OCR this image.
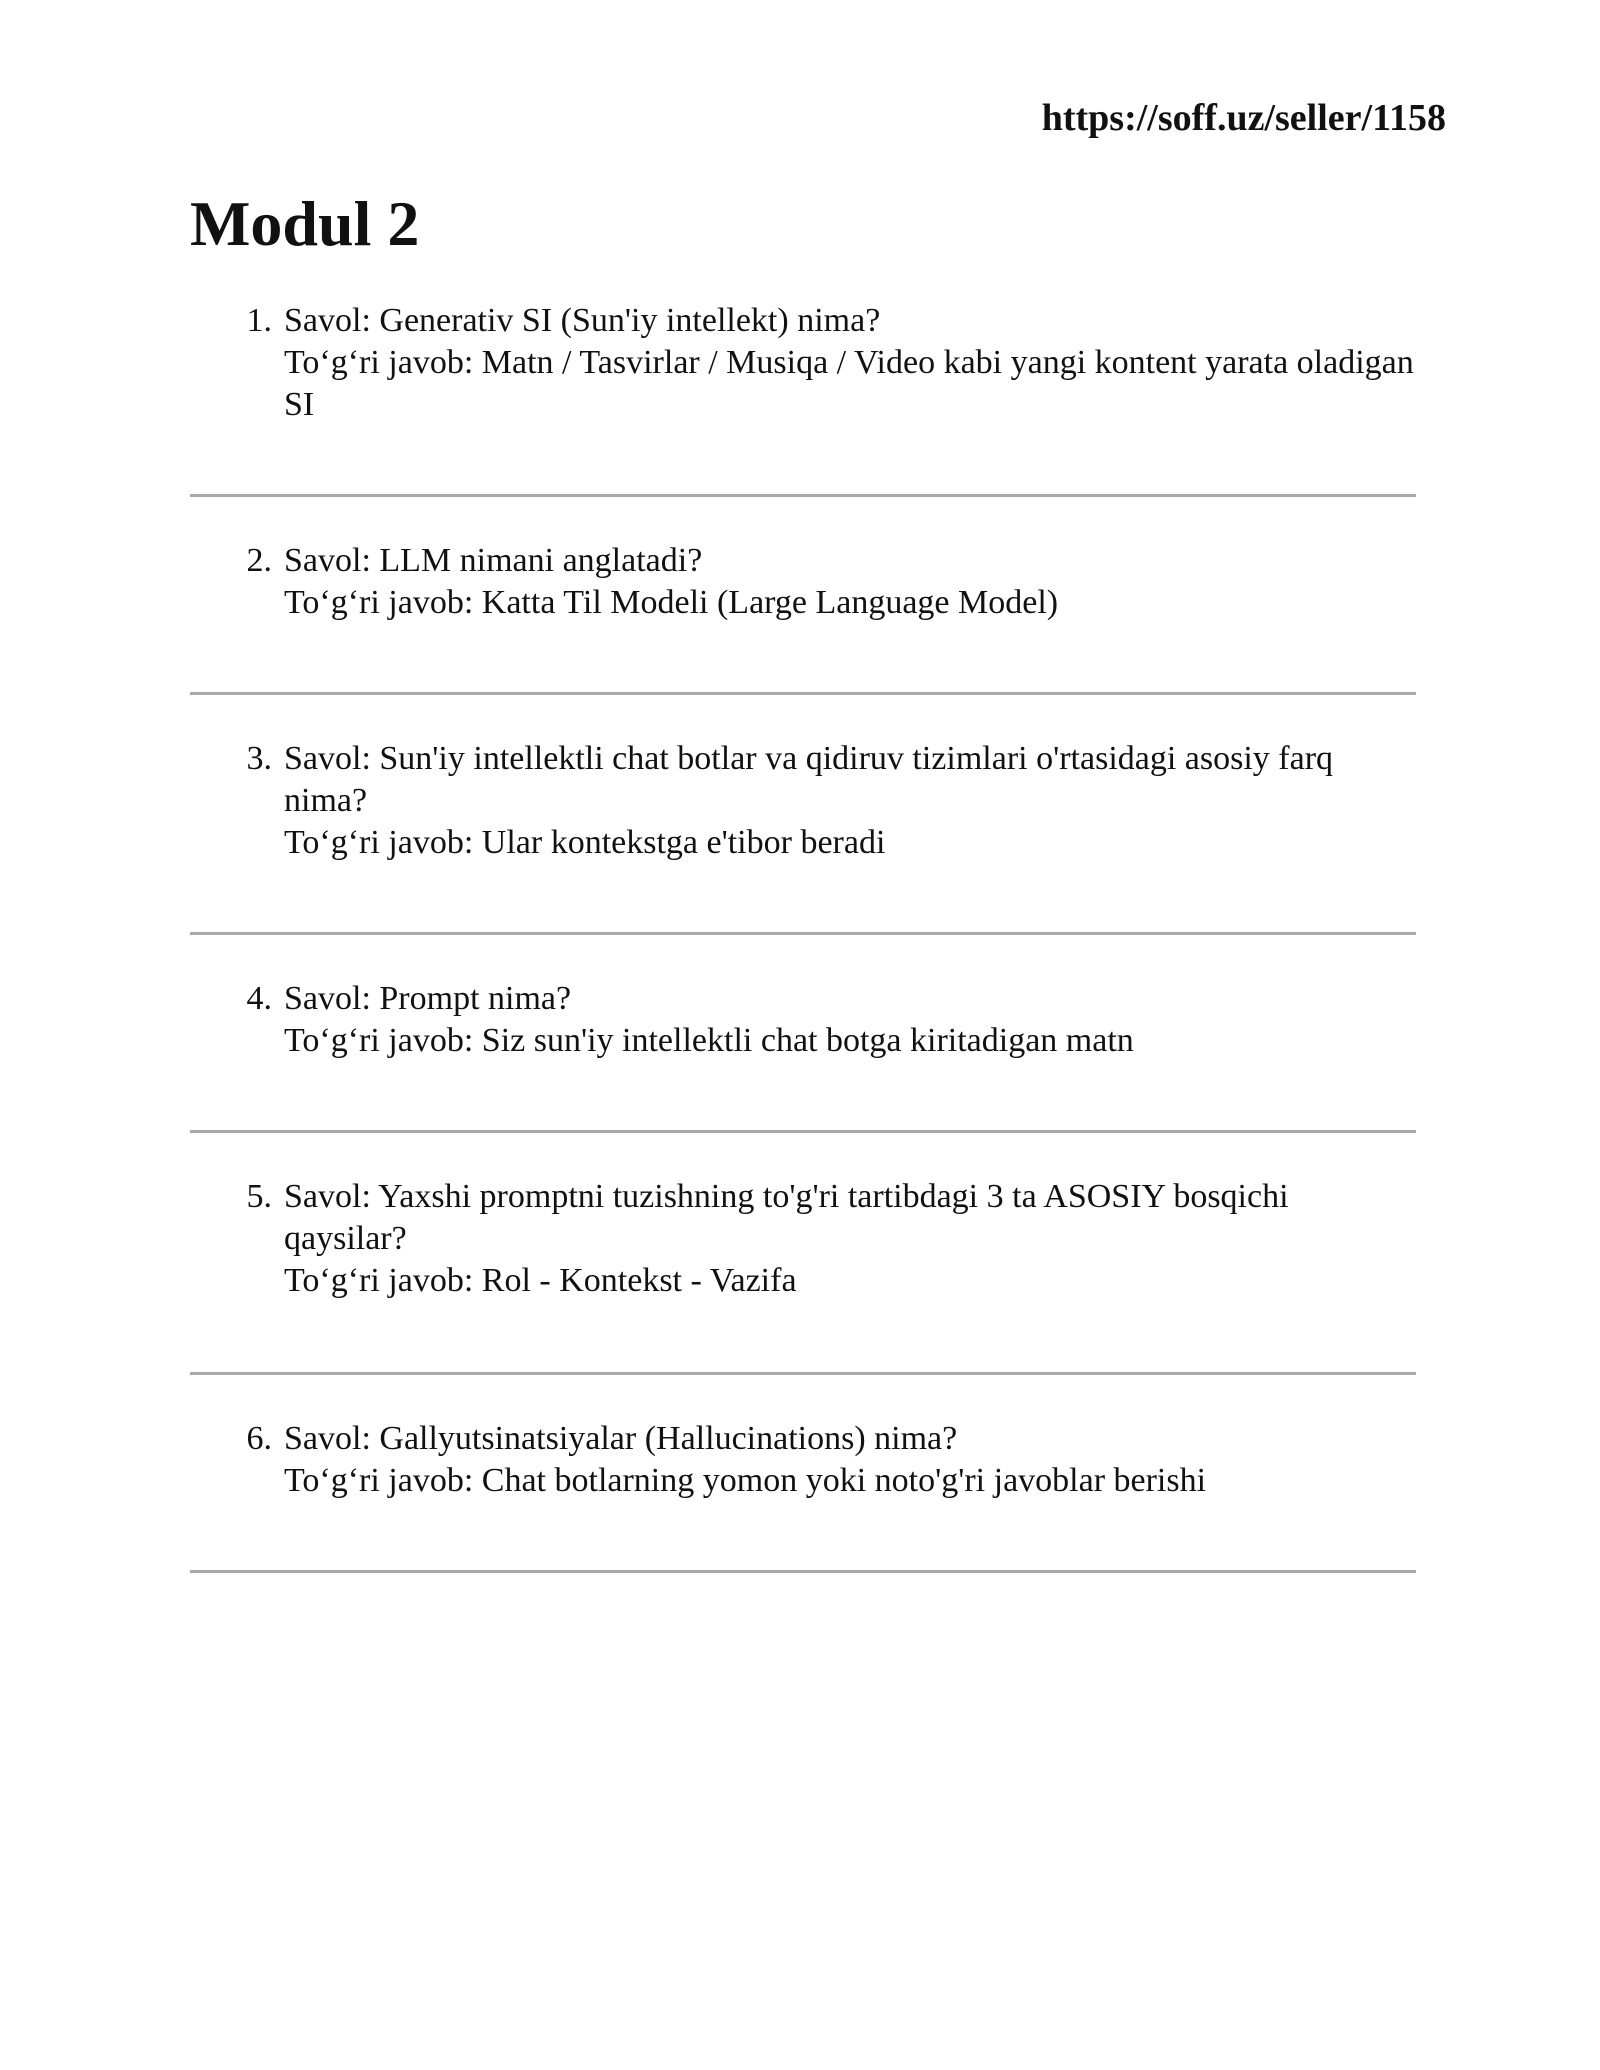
https://soff.uz/seller/1158
Modul 2
1. Savol: Generativ SI (Sun'iy intellekt) nima?
To‘g‘ri javob: Matn / Tasvirlar / Musiqa / Video kabi yangi kontent yarata oladigan SI
2. Savol: LLM nimani anglatadi?
To‘g‘ri javob: Katta Til Modeli (Large Language Model)
3. Savol: Sun'iy intellektli chat botlar va qidiruv tizimlari o'rtasidagi asosiy farq nima?
To‘g‘ri javob: Ular kontekstga e'tibor beradi
4. Savol: Prompt nima?
To‘g‘ri javob: Siz sun'iy intellektli chat botga kiritadigan matn
5. Savol: Yaxshi promptni tuzishning to'g'ri tartibdagi 3 ta ASOSIY bosqichi qaysilar?
To‘g‘ri javob: Rol - Kontekst - Vazifa
6. Savol: Gallyutsinatsiyalar (Hallucinations) nima?
To‘g‘ri javob: Chat botlarning yomon yoki noto'g'ri javoblar berishi
